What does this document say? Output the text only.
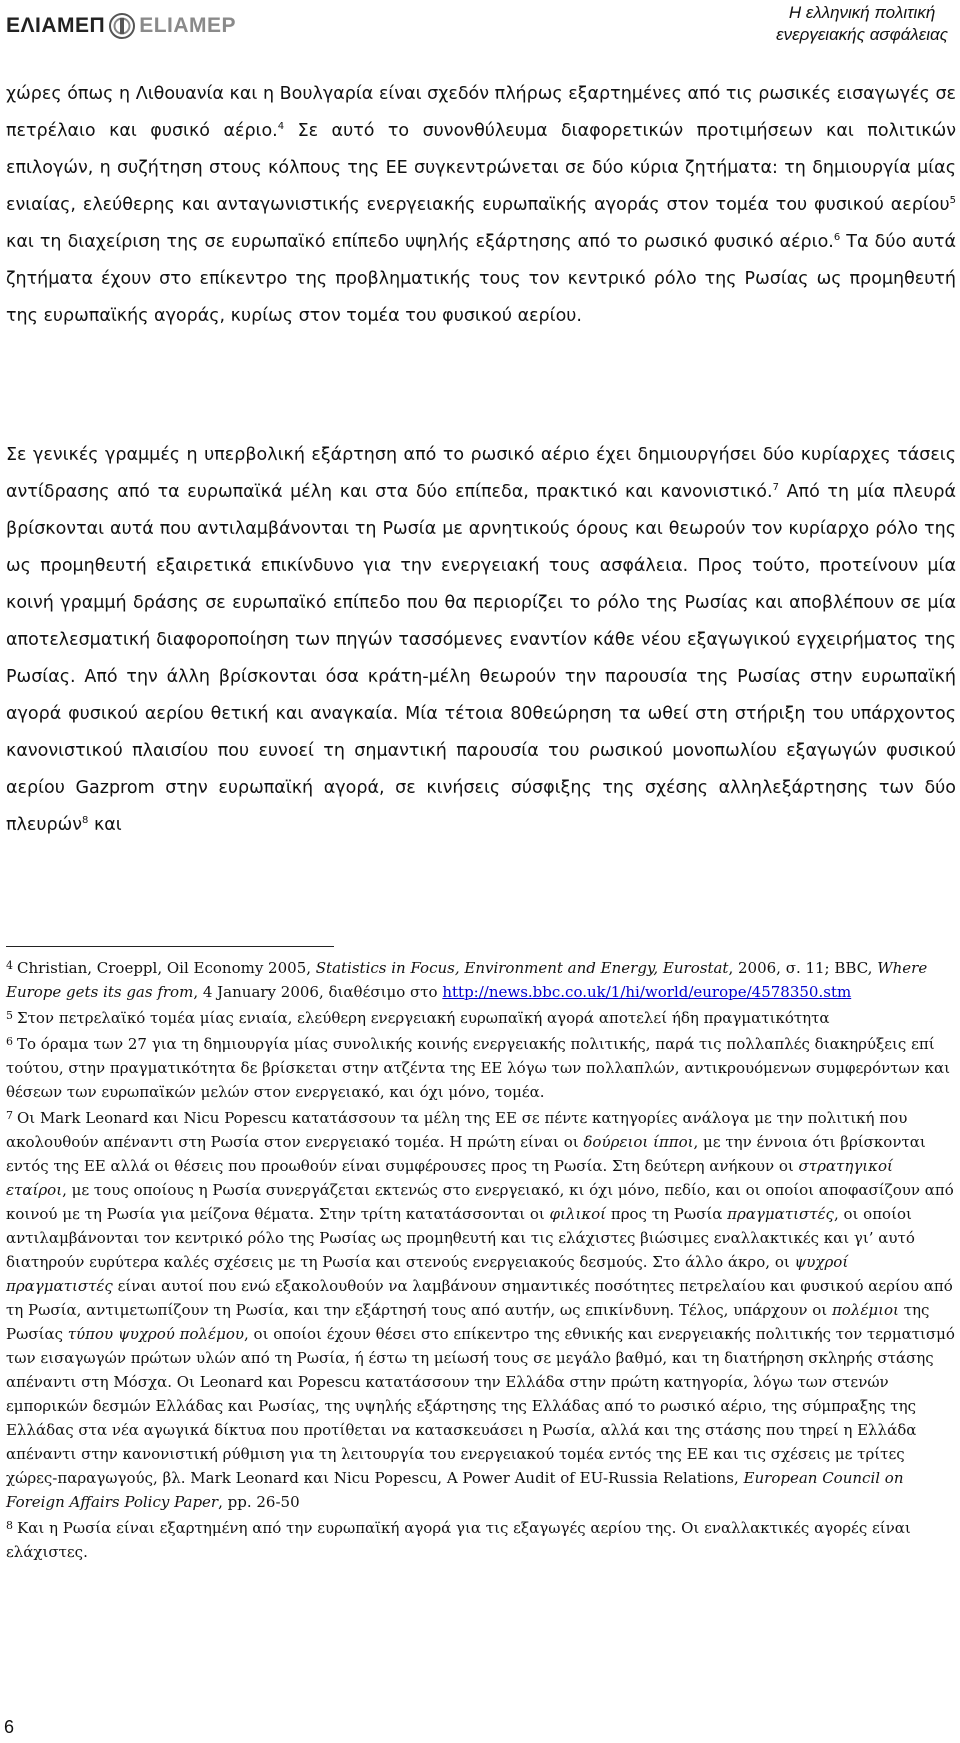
ΕΛΙΑΜΕΠ ELIAMEP
Η ελληνική πολιτική
ενεργειακής ασφάλειας
χώρες όπως η Λιθουανία και η Βουλγαρία είναι σχεδόν πλήρως εξαρτημένες από τις ρωσικές εισαγωγές σε πετρέλαιο και φυσικό αέριο.$^4$ Σε αυτό το συνονθύλευμα διαφορετικών προτιμήσεων και πολιτικών επιλογών, η συζήτηση στους κόλπους της ΕΕ συγκεντρώνεται σε δύο κύρια ζητήματα: τη δημιουργία μίας ενιαίας, ελεύθερης και ανταγωνιστικής ενεργειακής ευρωπαϊκής αγοράς στον τομέα του φυσικού αερίου$^5$ και τη διαχείριση της σε ευρωπαϊκό επίπεδο υψηλής εξάρτησης από το ρωσικό φυσικό αέριο.$^6$ Τα δύο αυτά ζητήματα έχουν στο επίκεντρο της προβληματικής τους τον κεντρικό ρόλο της Ρωσίας ως προμηθευτή της ευρωπαϊκής αγοράς, κυρίως στον τομέα του φυσικού αερίου.
Σε γενικές γραμμές η υπερβολική εξάρτηση από το ρωσικό αέριο έχει δημιουργήσει δύο κυρίαρχες τάσεις αντίδρασης από τα ευρωπαϊκά μέλη και στα δύο επίπεδα, πρακτικό και κανονιστικό.$^7$ Από τη μία πλευρά βρίσκονται αυτά που αντιλαμβάνονται τη Ρωσία με αρνητικούς όρους και θεωρούν τον κυρίαρχο ρόλο της ως προμηθευτή εξαιρετικά επικίνδυνο για την ενεργειακή τους ασφάλεια. Προς τούτο, προτείνουν μία κοινή γραμμή δράσης σε ευρωπαϊκό επίπεδο που θα περιορίζει το ρόλο της Ρωσίας και αποβλέπουν σε μία αποτελεσματική διαφοροποίηση των πηγών τασσόμενες εναντίον κάθε νέου εξαγωγικού εγχειρήματος της Ρωσίας. Από την άλλη βρίσκονται όσα κράτη-μέλη θεωρούν την παρουσία της Ρωσίας στην ευρωπαϊκή αγορά φυσικού αερίου θετική και αναγκαία. Μία τέτοια 80θεώρηση τα ωθεί στη στήριξη του υπάρχοντος κανονιστικού πλαισίου που ευνοεί τη σημαντική παρουσία του ρωσικού μονοπωλίου εξαγωγών φυσικού αερίου Gazprom στην ευρωπαϊκή αγορά, σε κινήσεις σύσφιξης της σχέσης αλληλεξάρτησης των δύο πλευρών$^8$ και

$^4$ Christian, Croeppl, Oil Economy 2005, Statistics in Focus, Environment and Energy, Eurostat, 2006, σ. 11; BBC, Where Europe gets its gas from, 4 January 2006, διαθέσιμο στο http://news.bbc.co.uk/1/hi/world/europe/4578350.stm

$^5$ Στον πετρελαϊκό τομέα μίας ενιαία, ελεύθερη ενεργειακή ευρωπαϊκή αγορά αποτελεί ήδη πραγματικότητα

$^6$ Το όραμα των 27 για τη δημιουργία μίας συνολικής κοινής ενεργειακής πολιτικής, παρά τις πολλαπλές διακηρύξεις επί τούτου, στην πραγματικότητα δε βρίσκεται στην ατζέντα της ΕΕ λόγω των πολλαπλών, αντικρουόμενων συμφερόντων και θέσεων των ευρωπαϊκών μελών στον ενεργειακό, και όχι μόνο, τομέα.

$^7$ Οι Mark Leonard και Nicu Popescu κατατάσσουν τα μέλη της ΕΕ σε πέντε κατηγορίες ανάλογα με την πολιτική που ακολουθούν απέναντι στη Ρωσία στον ενεργειακό τομέα. Η πρώτη είναι οι δούρειοι ίπποι, με την έννοια ότι βρίσκονται εντός της ΕΕ αλλά οι θέσεις που προωθούν είναι συμφέρουσες προς τη Ρωσία. Στη δεύτερη ανήκουν οι στρατηγικοί εταίροι, με τους οποίους η Ρωσία συνεργάζεται εκτενώς στο ενεργειακό, κι όχι μόνο, πεδίο, και οι οποίοι αποφασίζουν από κοινού με τη Ρωσία για μείζονα θέματα. Στην τρίτη κατατάσσονται οι φιλικοί προς τη Ρωσία πραγματιστές, οι οποίοι αντιλαμβάνονται τον κεντρικό ρόλο της Ρωσίας ως προμηθευτή και τις ελάχιστες βιώσιμες εναλλακτικές και γι’ αυτό διατηρούν ευρύτερα καλές σχέσεις με τη Ρωσία και στενούς ενεργειακούς δεσμούς. Στο άλλο άκρο, οι ψυχροί πραγματιστές είναι αυτοί που ενώ εξακολουθούν να λαμβάνουν σημαντικές ποσότητες πετρελαίου και φυσικού αερίου από τη Ρωσία, αντιμετωπίζουν τη Ρωσία, και την εξάρτησή τους από αυτήν, ως επικίνδυνη. Τέλος, υπάρχουν οι πολέμιοι της Ρωσίας τύπου ψυχρού πολέμου, οι οποίοι έχουν θέσει στο επίκεντρο της εθνικής και ενεργειακής πολιτικής τον τερματισμό των εισαγωγών πρώτων υλών από τη Ρωσία, ή έστω τη μείωσή τους σε μεγάλο βαθμό, και τη διατήρηση σκληρής στάσης απέναντι στη Μόσχα. Οι Leonard και Popescu κατατάσσουν την Ελλάδα στην πρώτη κατηγορία, λόγω των στενών εμπορικών δεσμών Ελλάδας και Ρωσίας, της υψηλής εξάρτησης της Ελλάδας από το ρωσικό αέριο, της σύμπραξης της Ελλάδας στα νέα αγωγικά δίκτυα που προτίθεται να κατασκευάσει η Ρωσία, αλλά και της στάσης που τηρεί η Ελλάδα απέναντι στην κανονιστική ρύθμιση για τη λειτουργία του ενεργειακού τομέα εντός της ΕΕ και τις σχέσεις με τρίτες χώρες-παραγωγούς, βλ. Mark Leonard και Nicu Popescu, A Power Audit of EU-Russia Relations, European Council on Foreign Affairs Policy Paper, pp. 26-50

$^8$ Και η Ρωσία είναι εξαρτημένη από την ευρωπαϊκή αγορά για τις εξαγωγές αερίου της. Οι εναλλακτικές αγορές είναι ελάχιστες.

6
